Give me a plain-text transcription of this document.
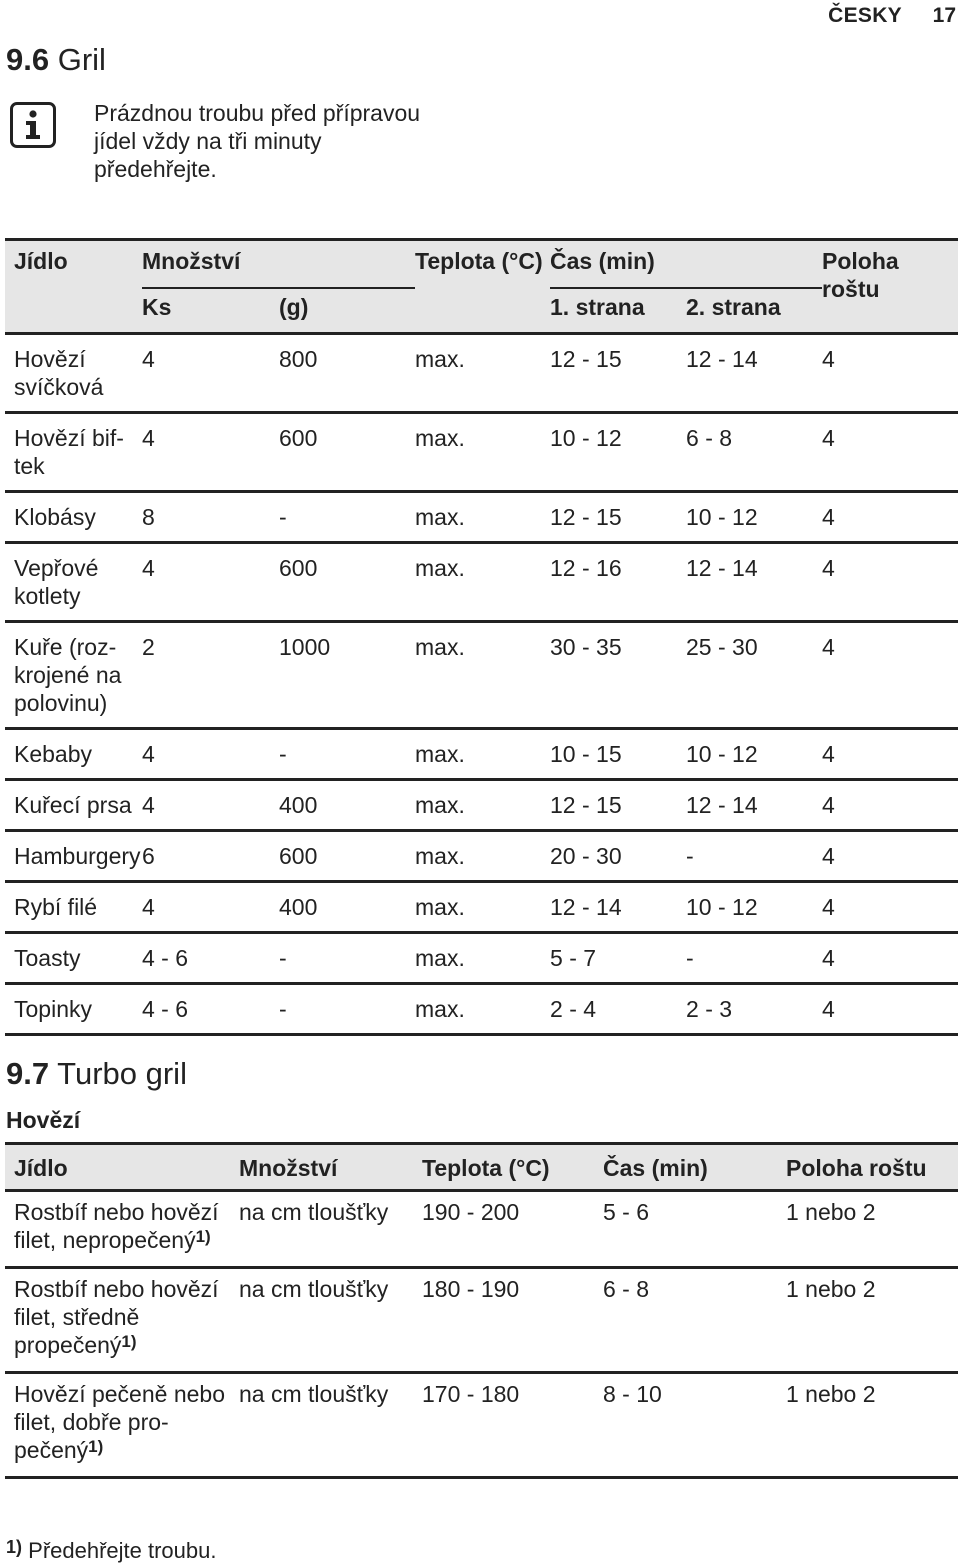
ČESKY 17
9.6 Gril
Prázdnou troubu před přípravou jídel vždy na tři minuty předehřejte.
Jídlo	Množství		Teplota (°C)	Čas (min)		Poloha roštu
	Ks	(g)		1. strana	2. strana	
Hovězí svíčková	4	800	max.	12 - 15	12 - 14	4
Hovězí biftek	4	600	max.	10 - 12	6 - 8	4
Klobásy	8	-	max.	12 - 15	10 - 12	4
Vepřové kotlety	4	600	max.	12 - 16	12 - 14	4
Kuře (rozkrojené na polovinu)	2	1000	max.	30 - 35	25 - 30	4
Kebaby	4	-	max.	10 - 15	10 - 12	4
Kuřecí prsa	4	400	max.	12 - 15	12 - 14	4
Hamburgery	6	600	max.	20 - 30	-	4
Rybí filé	4	400	max.	12 - 14	10 - 12	4
Toasty	4 - 6	-	max.	5 - 7	-	4
Topinky	4 - 6	-	max.	2 - 4	2 - 3	4
9.7 Turbo gril
Hovězí
Jídlo	Množství	Teplota (°C)	Čas (min)	Poloha roštu
Rostbíf nebo hovězí filet, nepropečený$^{1)}$	na cm tloušťky	190 - 200	5 - 6	1 nebo 2
Rostbíf nebo hovězí filet, středně propečený$^{1)}$	na cm tloušťky	180 - 190	6 - 8	1 nebo 2
Hovězí pečeně nebo filet, dobře propečený$^{1)}$	na cm tloušťky	170 - 180	8 - 10	1 nebo 2
$^{1)}$ Předehřejte troubu.
